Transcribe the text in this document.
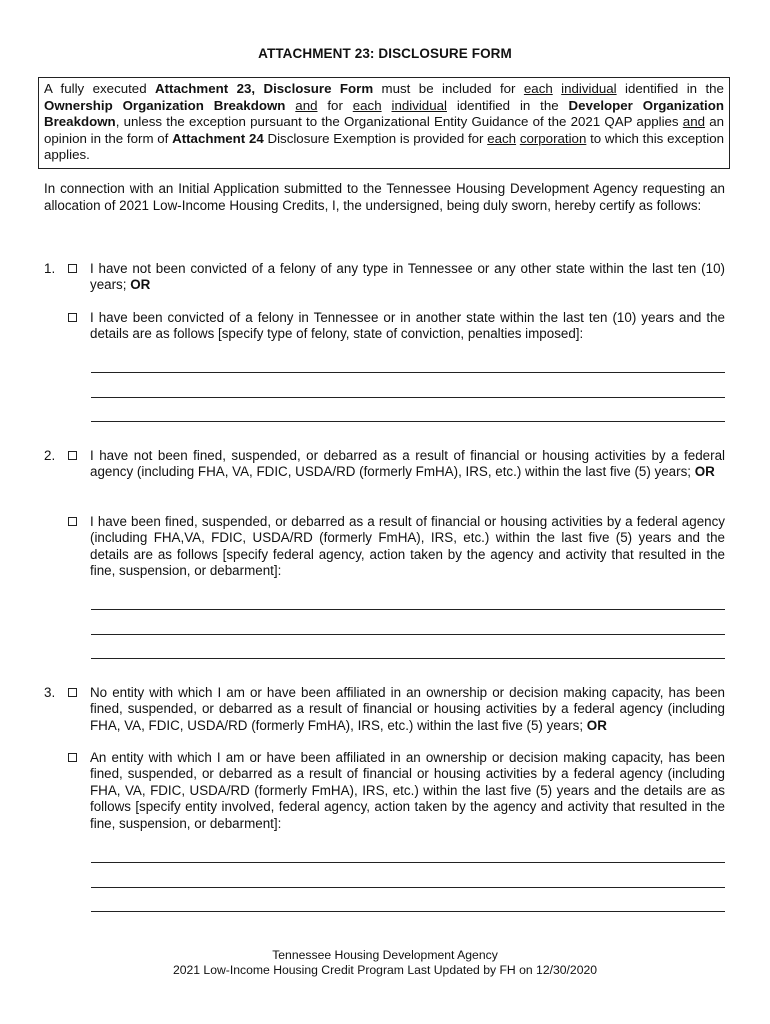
ATTACHMENT 23: DISCLOSURE FORM
A fully executed Attachment 23, Disclosure Form must be included for each individual identified in the Ownership Organization Breakdown and for each individual identified in the Developer Organization Breakdown, unless the exception pursuant to the Organizational Entity Guidance of the 2021 QAP applies and an opinion in the form of Attachment 24 Disclosure Exemption is provided for each corporation to which this exception applies.
In connection with an Initial Application submitted to the Tennessee Housing Development Agency requesting an allocation of 2021 Low-Income Housing Credits, I, the undersigned, being duly sworn, hereby certify as follows:
1.	I have not been convicted of a felony of any type in Tennessee or any other state within the last ten (10) years; OR
I have been convicted of a felony in Tennessee or in another state within the last ten (10) years and the details are as follows [specify type of felony, state of conviction, penalties imposed]:
2.	I have not been fined, suspended, or debarred as a result of financial or housing activities by a federal agency (including FHA, VA, FDIC, USDA/RD (formerly FmHA), IRS, etc.) within the last five (5) years; OR
I have been fined, suspended, or debarred as a result of financial or housing activities by a federal agency (including FHA,VA, FDIC, USDA/RD (formerly FmHA), IRS, etc.) within the last five (5) years and the details are as follows [specify federal agency, action taken by the agency and activity that resulted in the fine, suspension, or debarment]:
3.	No entity with which I am or have been affiliated in an ownership or decision making capacity, has been fined, suspended, or debarred as a result of financial or housing activities by a federal agency (including FHA, VA, FDIC, USDA/RD (formerly FmHA), IRS, etc.) within the last five (5) years; OR
An entity with which I am or have been affiliated in an ownership or decision making capacity, has been fined, suspended, or debarred as a result of financial or housing activities by a federal agency (including FHA, VA, FDIC, USDA/RD (formerly FmHA), IRS, etc.) within the last five (5) years and the details are as follows [specify entity involved, federal agency, action taken by the agency and activity that resulted in the fine, suspension, or debarment]:
Tennessee Housing Development Agency
2021 Low-Income Housing Credit Program Last Updated by FH on 12/30/2020
